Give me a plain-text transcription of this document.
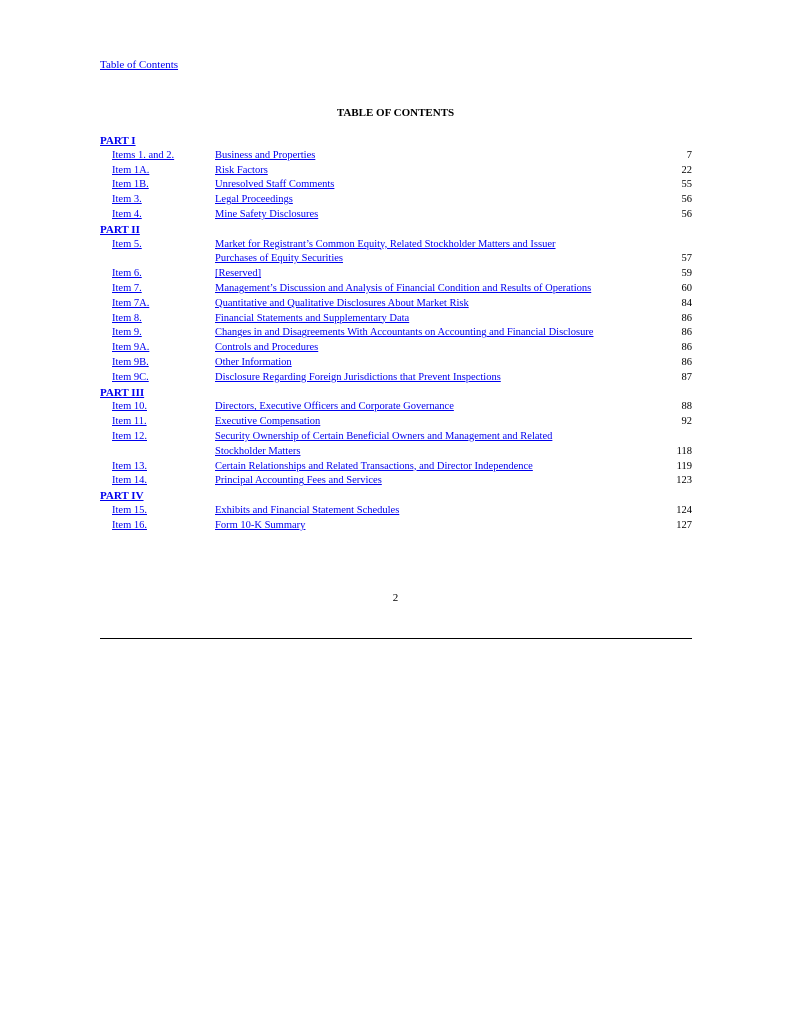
Table of Contents
TABLE OF CONTENTS
PART I
Items 1. and 2.	Business and Properties	7
Item 1A.	Risk Factors	22
Item 1B.	Unresolved Staff Comments	55
Item 3.	Legal Proceedings	56
Item 4.	Mine Safety Disclosures	56
PART II
Item 5.	Market for Registrant’s Common Equity, Related Stockholder Matters and Issuer
Purchases of Equity Securities	57
Item 6.	[Reserved]	59
Item 7.	Management’s Discussion and Analysis of Financial Condition and Results of Operations	60
Item 7A.	Quantitative and Qualitative Disclosures About Market Risk	84
Item 8.	Financial Statements and Supplementary Data	86
Item 9.	Changes in and Disagreements With Accountants on Accounting and Financial Disclosure	86
Item 9A.	Controls and Procedures	86
Item 9B.	Other Information	86
Item 9C.	Disclosure Regarding Foreign Jurisdictions that Prevent Inspections	87
PART III
Item 10.	Directors, Executive Officers and Corporate Governance	88
Item 11.	Executive Compensation	92
Item 12.	Security Ownership of Certain Beneficial Owners and Management and Related
Stockholder Matters	118
Item 13.	Certain Relationships and Related Transactions, and Director Independence	119
Item 14.	Principal Accounting Fees and Services	123
PART IV
Item 15.	Exhibits and Financial Statement Schedules	124
Item 16.	Form 10-K Summary	127
2
